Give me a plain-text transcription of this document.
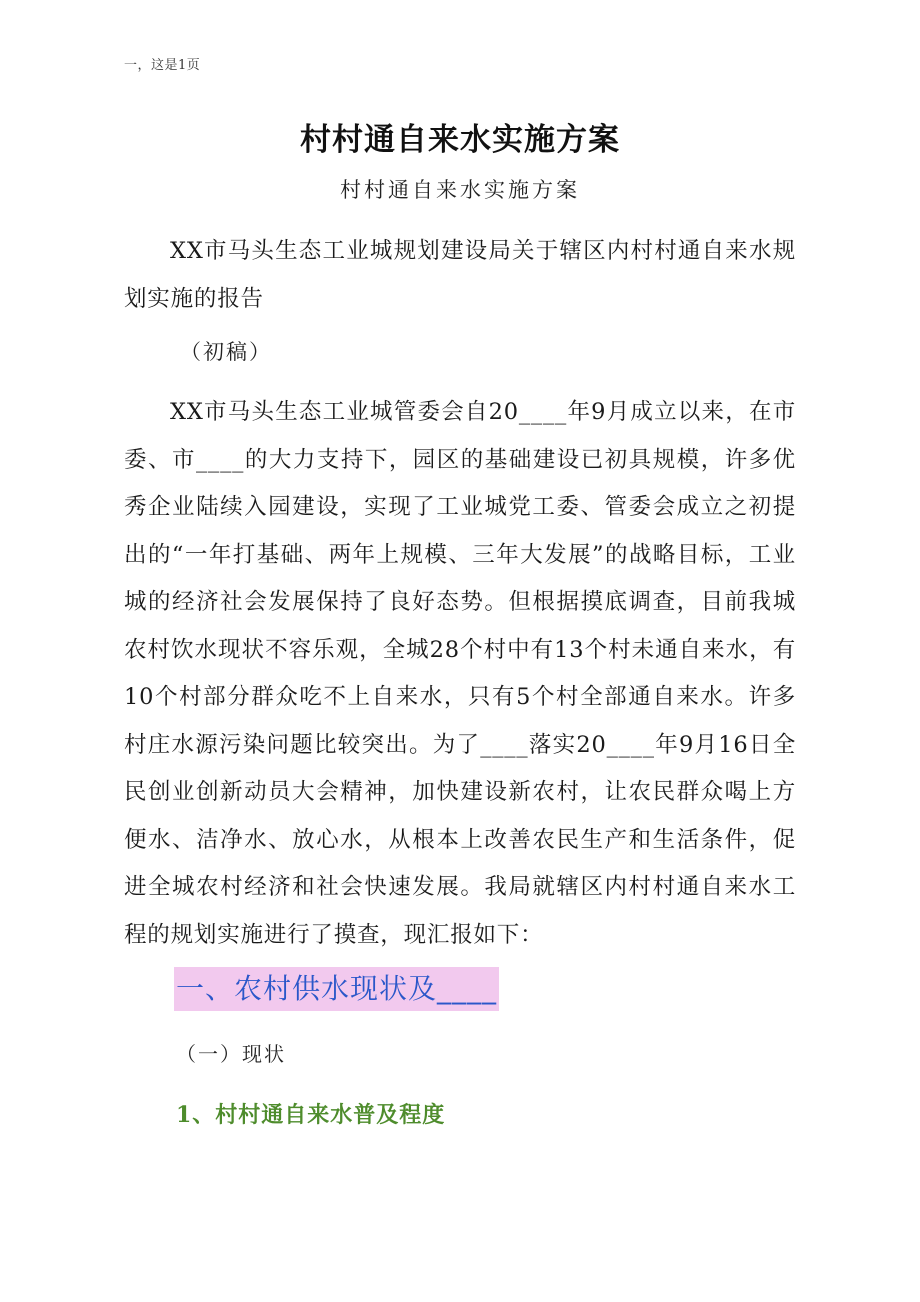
一，这是1页
村村通自来水实施方案
村村通自来水实施方案
XX市马头生态工业城规划建设局关于辖区内村村通自来水规划实施的报告
（初稿）
XX市马头生态工业城管委会自20____年9月成立以来，在市委、市____的大力支持下，园区的基础建设已初具规模，许多优秀企业陆续入园建设，实现了工业城党工委、管委会成立之初提出的“一年打基础、两年上规模、三年大发展”的战略目标，工业城的经济社会发展保持了良好态势。但根据摸底调查，目前我城农村饮水现状不容乐观，全城28个村中有13个村未通自来水，有10个村部分群众吃不上自来水，只有5个村全部通自来水。许多村庄水源污染问题比较突出。为了____落实20____年9月16日全民创业创新动员大会精神，加快建设新农村，让农民群众喝上方便水、洁净水、放心水，从根本上改善农民生产和生活条件，促进全城农村经济和社会快速发展。我局就辖区内村村通自来水工程的规划实施进行了摸查，现汇报如下：
一、农村供水现状及____
（一）现状
1、村村通自来水普及程度
